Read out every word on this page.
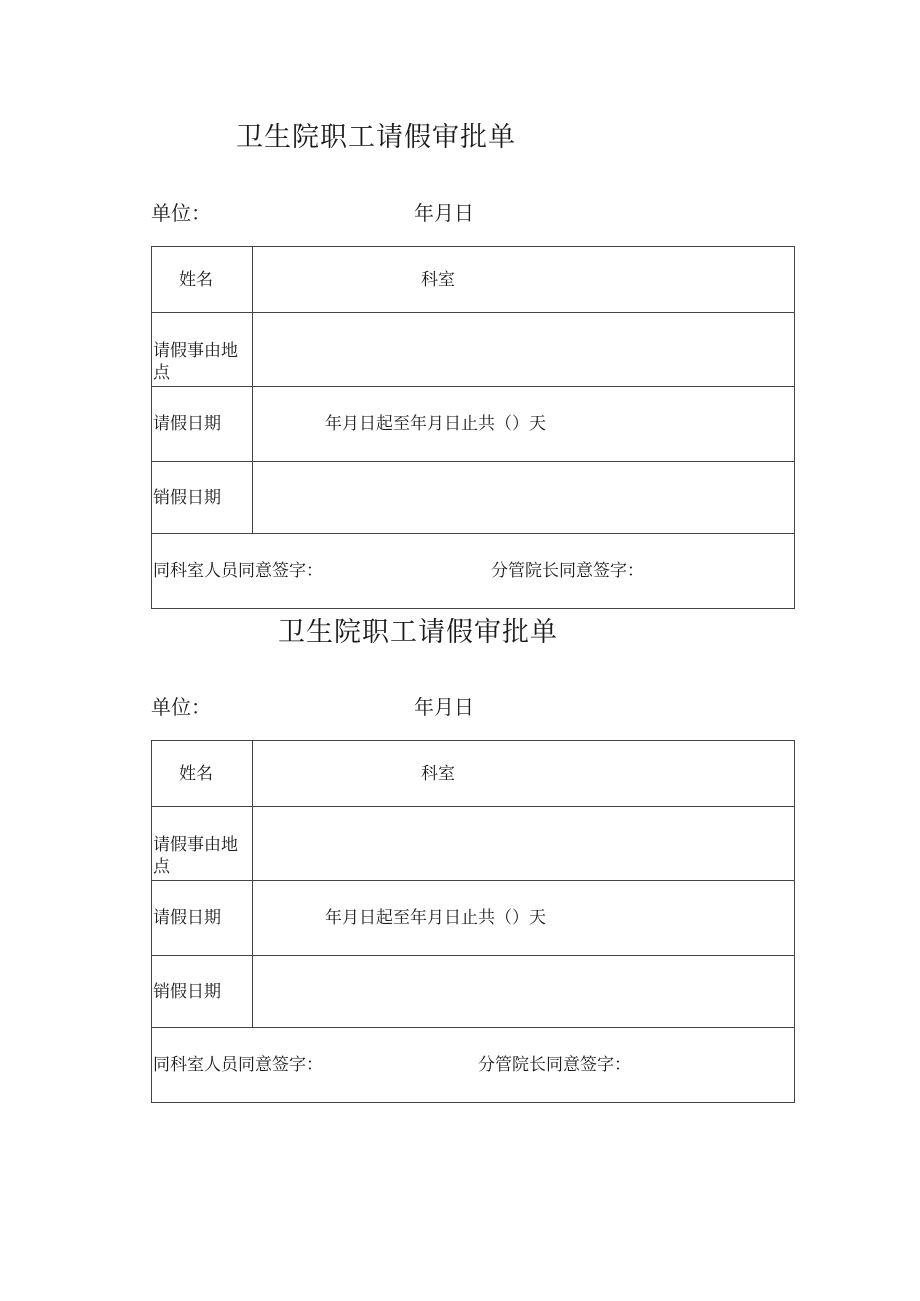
卫生院职工请假审批单
单位：	年月日
姓名	科室
请假事由地点
请假日期	年月日起至年月日止共（）天
销假日期
同科室人员同意签字：	分管院长同意签字：
卫生院职工请假审批单
单位：	年月日
姓名	科室
请假事由地点
请假日期	年月日起至年月日止共（）天
销假日期
同科室人员同意签字：	分管院长同意签字：
